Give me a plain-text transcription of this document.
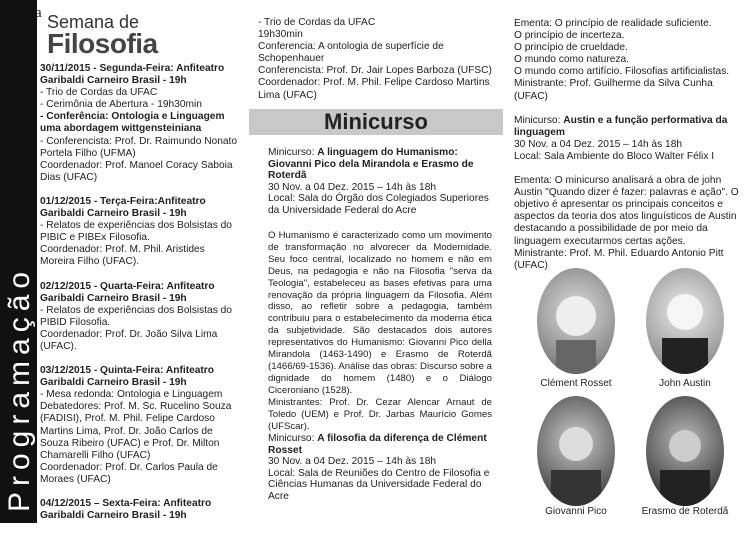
Programação
5 a Semana de
Filosofia
30/11/2015 - Segunda-Feira: Anfiteatro Garibaldi Carneiro Brasil - 19h
- Trio de Cordas da UFAC
- Cerimônia de Abertura - 19h30min
- Conferência: Ontologia e Linguagem uma abordagem wittgensteiniana
- Conferencista: Prof. Dr. Raimundo Nonato Portela Filho (UFMA)
Coordenador: Prof. Manoel Coracy Saboia Dias (UFAC)
01/12/2015 - Terça-Feira:Anfiteatro Garibaldi Carneiro Brasil - 19h
- Relatos de experiências dos Bolsistas do PIBIC e PIBEx Filosofia.
Coordenador: Prof. M. Phil. Aristides Moreira Filho (UFAC).
02/12/2015 - Quarta-Feira: Anfiteatro Garibaldi Carneiro Brasil - 19h
- Relatos de experiências dos Bolsistas do PIBID Filosofia.
Coordenador: Prof. Dr. João Silva Lima (UFAC).
03/12/2015 - Quinta-Feira: Anfiteatro Garibaldi Carneiro Brasil - 19h
- Mesa redonda: Ontologia e Linguagem
Debatedores: Prof. M. Sc. Rucelino Souza (FADISI), Prof. M. Phil. Felipe Cardoso Martins Lima, Prof. Dr. João Carlos de Souza Ribeiro (UFAC) e Prof. Dr. Milton Chamarelli Filho (UFAC)
Coordenador: Prof. Dr. Carlos Paula de Moraes (UFAC)
04/12/2015 – Sexta-Feira: Anfiteatro Garibaldi Carneiro Brasil - 19h
- Trio de Cordas da UFAC
19h30min
Conferencia: A ontologia de superfície de Schopenhauer
Conferencista: Prof. Dr. Jair Lopes Barboza (UFSC)
Coordenador: Prof. M. Phil. Felipe Cardoso Martins Lima (UFAC)
Minicurso
Minicurso: A linguagem do Humanismo: Giovanni Pico dela Mirandola e Erasmo de Roterdã
30 Nov. a 04 Dez. 2015 – 14h às 18h
Local: Sala do Órgão dos Colegiados Superiores da Universidade Federal do Acre
O Humanismo é caracterizado como um movimento de transformação no alvorecer da Modernidade. Seu foco central, localizado no homem e não em Deus, na pedagogia e não na Filosofia "serva da Teologia", estabeleceu as bases efetivas para uma renovação da própria linguagem da Filosofia. Além disso, ao refletir sobre a pedagogia, também contribuiu para o estabelecimento da moderna ética da subjetividade. São destacados dois autores representativos do Humanismo: Giovanni Pico della Mirandola (1463-1490) e Erasmo de Roterdã (1466/69-1536). Análise das obras: Discurso sobre a dignidade do homem (1480) e o Diálogo Ciceroniano (1528).
Ministrantes: Prof. Dr. Cezar Alencar Arnaut de Toledo (UEM) e Prof. Dr. Jarbas Maurício Gomes (UFScar).
Minicurso: A filosofia da diferença de Clément Rosset
30 Nov. a 04 Dez. 2015 – 14h às 18h
Local: Sala de Reuniões do Centro de Filosofia e Ciências Humanas da Universidade Federal do Acre
Ementa: O princípio de realidade suficiente.
O princípio de incerteza.
O princípio de crueldade.
O mundo como natureza.
O mundo como artifício. Filosofias artificialistas.
Ministrante: Prof. Guilherme da Silva Cunha (UFAC)
Minicurso: Austin e a função performativa da linguagem
30 Nov. a 04 Dez. 2015 – 14h às 18h
Local: Sala Ambiente do Bloco Walter Félix I
Ementa: O minicurso analisará a obra de john Austin "Quando dizer é fazer: palavras e ação". O objetivo é apresentar os principais conceitos e aspectos da teoria dos atos linguísticos de Austin destacando a possibilidade de por meio da linguagem executarmos certas ações.
Ministrante: Prof. M. Phil. Eduardo Antonio Pitt (UFAC)
Clément Rosset	John Austin
Giovanni Pico	Erasmo de Roterdã
